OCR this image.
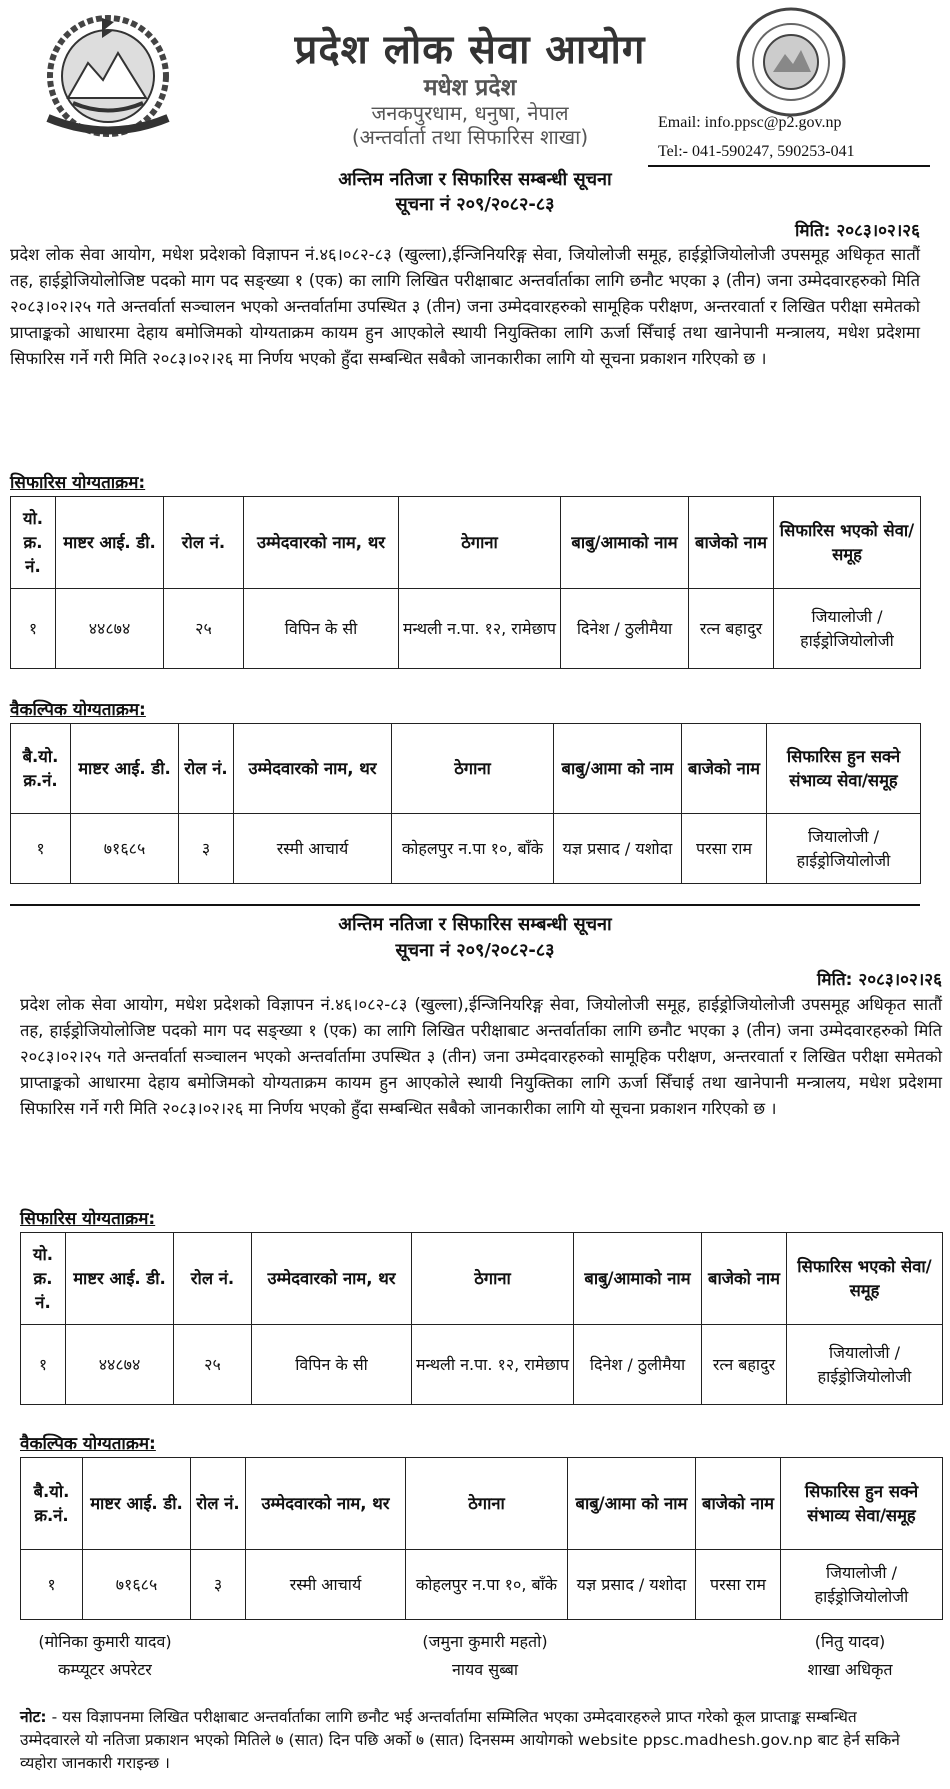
प्रदेश लोक सेवा आयोग
मधेश प्रदेश
जनकपुरधाम, धनुषा, नेपाल
(अन्तर्वार्ता तथा सिफारिस शाखा)
Email: info.ppsc@p2.gov.np
Tel:- 041-590247, 590253-041
अन्तिम नतिजा र सिफारिस सम्बन्धी सूचना
सूचना नं २०९/२०८२-८३
मिति: २०८३।०२।२६
प्रदेश लोक सेवा आयोग, मधेश प्रदेशको विज्ञापन नं.४६।०८२-८३ (खुल्ला),ईन्जिनियरिङ्ग सेवा, जियोलोजी समूह, हाईड्रोजियोलोजी उपसमूह अधिकृत सातौं तह, हाईड्रोजियोलोजिष्ट पदको माग पद सङ्ख्या १ (एक) का लागि लिखित परीक्षाबाट अन्तर्वार्ताका लागि छनौट भएका ३ (तीन) जना उम्मेदवारहरुको मिति २०८३।०२।२५ गते अन्तर्वार्ता सञ्चालन भएको अन्तर्वार्तामा उपस्थित ३ (तीन) जना उम्मेदवारहरुको सामूहिक परीक्षण, अन्तरवार्ता र लिखित परीक्षा समेतको प्राप्ताङ्कको आधारमा देहाय बमोजिमको योग्यताक्रम कायम हुन आएकोले स्थायी नियुक्तिका लागि ऊर्जा सिँचाई तथा खानेपानी मन्त्रालय, मधेश प्रदेशमा सिफारिस गर्ने गरी मिति २०८३।०२।२६ मा निर्णय भएको हुँदा सम्बन्धित सबैको जानकारीका लागि यो सूचना प्रकाशन गरिएको छ ।
सिफारिस योग्यताक्रम:
यो. क्र. नं.	माष्टर आई. डी.	रोल नं.	उम्मेदवारको नाम, थर	ठेगाना	बाबु/आमाको नाम	बाजेको नाम	सिफारिस भएको सेवा/समूह
१	४४८७४	२५	विपिन के सी	मन्थली न.पा. १२, रामेछाप	दिनेश / ठुलीमैया	रत्न बहादुर	जियालोजी / हाईड्रोजियोलोजी
वैकल्पिक योग्यताक्रम:
बै.यो. क्र.नं.	माष्टर आई. डी.	रोल नं.	उम्मेदवारको नाम, थर	ठेगाना	बाबु/आमा को नाम	बाजेको नाम	सिफारिस हुन सक्ने संभाव्य सेवा/समूह
१	७१६८५	३	रस्मी आचार्य	कोहलपुर न.पा १०, बाँके	यज्ञ प्रसाद / यशोदा	परसा राम	जियालोजी / हाईड्रोजियोलोजी
अन्तिम नतिजा र सिफारिस सम्बन्धी सूचना
सूचना नं २०९/२०८२-८३
मिति: २०८३।०२।२६
प्रदेश लोक सेवा आयोग, मधेश प्रदेशको विज्ञापन नं.४६।०८२-८३ (खुल्ला),ईन्जिनियरिङ्ग सेवा, जियोलोजी समूह, हाईड्रोजियोलोजी उपसमूह अधिकृत सातौं तह, हाईड्रोजियोलोजिष्ट पदको माग पद सङ्ख्या १ (एक) का लागि लिखित परीक्षाबाट अन्तर्वार्ताका लागि छनौट भएका ३ (तीन) जना उम्मेदवारहरुको मिति २०८३।०२।२५ गते अन्तर्वार्ता सञ्चालन भएको अन्तर्वार्तामा उपस्थित ३ (तीन) जना उम्मेदवारहरुको सामूहिक परीक्षण, अन्तरवार्ता र लिखित परीक्षा समेतको प्राप्ताङ्कको आधारमा देहाय बमोजिमको योग्यताक्रम कायम हुन आएकोले स्थायी नियुक्तिका लागि ऊर्जा सिँचाई तथा खानेपानी मन्त्रालय, मधेश प्रदेशमा सिफारिस गर्ने गरी मिति २०८३।०२।२६ मा निर्णय भएको हुँदा सम्बन्धित सबैको जानकारीका लागि यो सूचना प्रकाशन गरिएको छ ।
सिफारिस योग्यताक्रम:
यो. क्र. नं.	माष्टर आई. डी.	रोल नं.	उम्मेदवारको नाम, थर	ठेगाना	बाबु/आमाको नाम	बाजेको नाम	सिफारिस भएको सेवा/समूह
१	४४८७४	२५	विपिन के सी	मन्थली न.पा. १२, रामेछाप	दिनेश / ठुलीमैया	रत्न बहादुर	जियालोजी / हाईड्रोजियोलोजी
वैकल्पिक योग्यताक्रम:
बै.यो. क्र.नं.	माष्टर आई. डी.	रोल नं.	उम्मेदवारको नाम, थर	ठेगाना	बाबु/आमा को नाम	बाजेको नाम	सिफारिस हुन सक्ने संभाव्य सेवा/समूह
१	७१६८५	३	रस्मी आचार्य	कोहलपुर न.पा १०, बाँके	यज्ञ प्रसाद / यशोदा	परसा राम	जियालोजी / हाईड्रोजियोलोजी
(मोनिका कुमारी यादव)
कम्प्यूटर अपरेटर
(जमुना कुमारी महतो)
नायव सुब्बा
(नितु यादव)
शाखा अधिकृत
नोट: - यस विज्ञापनमा लिखित परीक्षाबाट अन्तर्वार्ताका लागि छनौट भई अन्तर्वार्तामा सम्मिलित भएका उम्मेदवारहरुले प्राप्त गरेको कूल प्राप्ताङ्क सम्बन्धित उम्मेदवारले यो नतिजा प्रकाशन भएको मितिले ७ (सात) दिन पछि अर्को ७ (सात) दिनसम्म आयोगको website ppsc.madhesh.gov.np बाट हेर्न सकिने व्यहोरा जानकारी गराइन्छ ।
